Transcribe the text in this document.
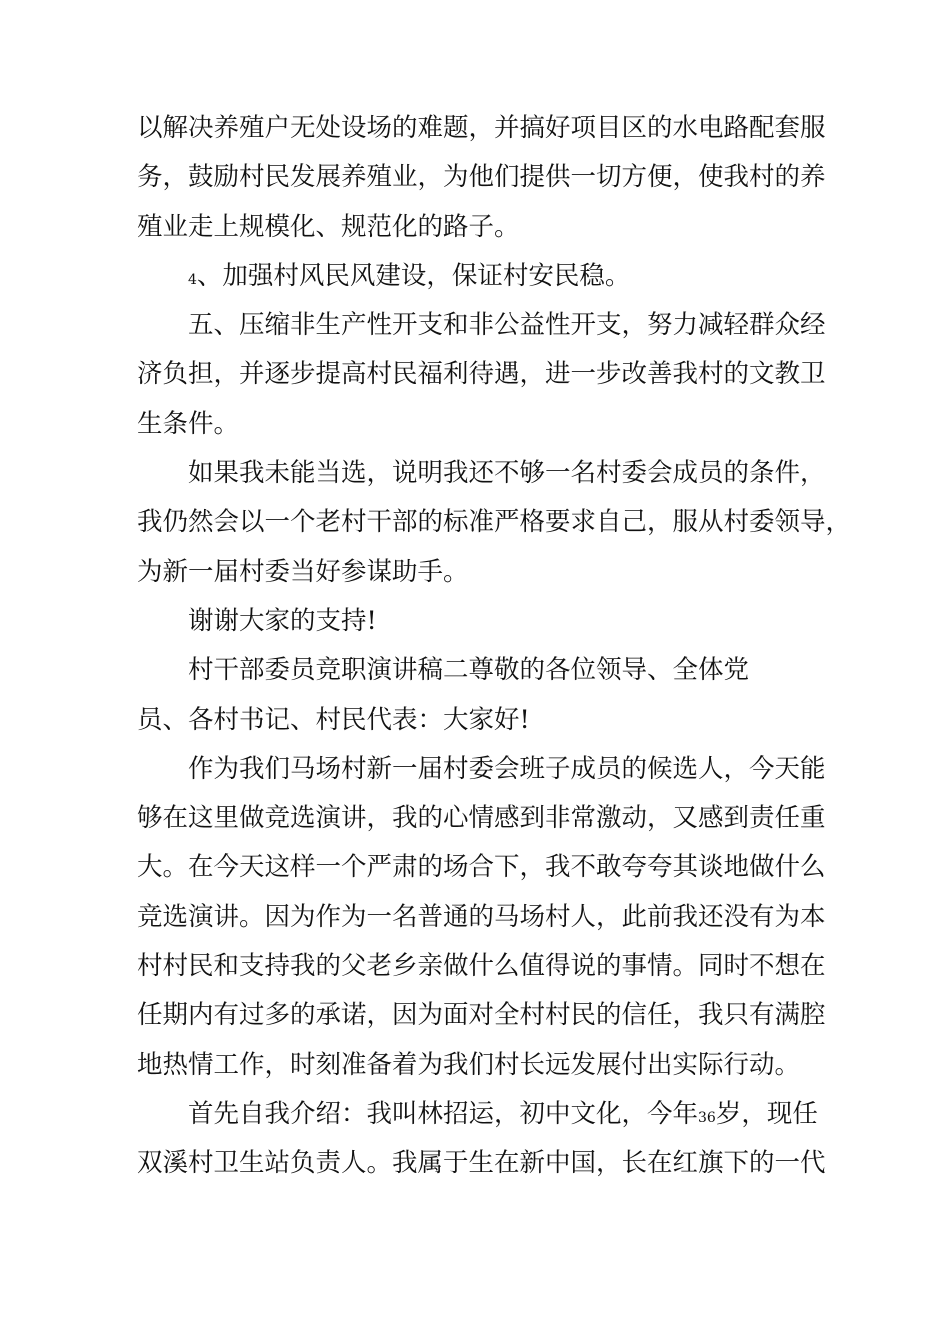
以解决养殖户无处设场的难题，并搞好项目区的水电路配套服
务，鼓励村民发展养殖业，为他们提供一切方便，使我村的养
殖业走上规模化、规范化的路子。
4、加强村风民风建设，保证村安民稳。
五、压缩非生产性开支和非公益性开支，努力减轻群众经
济负担，并逐步提高村民福利待遇，进一步改善我村的文教卫
生条件。
如果我未能当选，说明我还不够一名村委会成员的条件，
我仍然会以一个老村干部的标准严格要求自己，服从村委领导，
为新一届村委当好参谋助手。
谢谢大家的支持!
村干部委员竞职演讲稿二尊敬的各位领导、全体党
员、各村书记、村民代表：大家好!
作为我们马场村新一届村委会班子成员的候选人，今天能
够在这里做竞选演讲，我的心情感到非常激动，又感到责任重
大。在今天这样一个严肃的场合下，我不敢夸夸其谈地做什么
竞选演讲。因为作为一名普通的马场村人，此前我还没有为本
村村民和支持我的父老乡亲做什么值得说的事情。同时不想在
任期内有过多的承诺，因为面对全村村民的信任，我只有满腔
地热情工作，时刻准备着为我们村长远发展付出实际行动。
首先自我介绍：我叫林招运，初中文化，今年36岁，现任
双溪村卫生站负责人。我属于生在新中国，长在红旗下的一代
